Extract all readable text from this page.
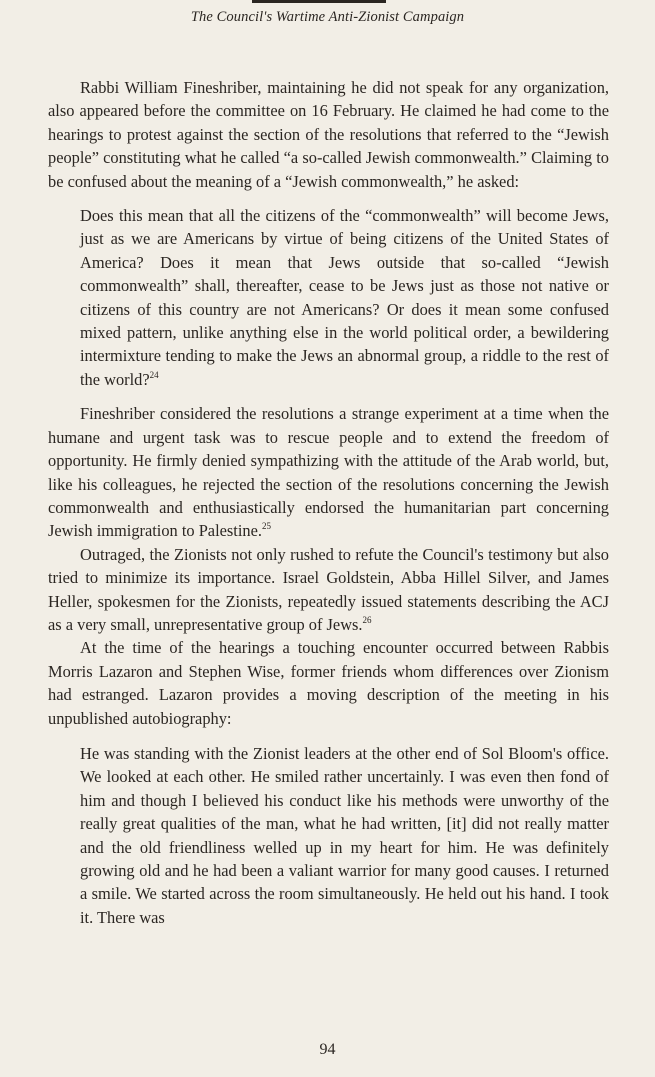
The Council's Wartime Anti-Zionist Campaign

Rabbi William Fineshriber, maintaining he did not speak for any organization, also appeared before the committee on 16 February. He claimed he had come to the hearings to protest against the section of the resolutions that referred to the “Jewish people” constituting what he called “a so-called Jewish commonwealth.” Claiming to be confused about the meaning of a “Jewish commonwealth,” he asked:

Does this mean that all the citizens of the “commonwealth” will become Jews, just as we are Americans by virtue of being citizens of the United States of America? Does it mean that Jews outside that so-called “Jewish commonwealth” shall, thereafter, cease to be Jews just as those not native or citizens of this country are not Americans? Or does it mean some confused mixed pattern, unlike anything else in the world political order, a bewildering intermixture tending to make the Jews an abnormal group, a riddle to the rest of the world?$^{24}$

Fineshriber considered the resolutions a strange experiment at a time when the humane and urgent task was to rescue people and to extend the freedom of opportunity. He firmly denied sympathizing with the attitude of the Arab world, but, like his colleagues, he rejected the section of the resolutions concerning the Jewish commonwealth and enthusiastically endorsed the humanitarian part concerning Jewish immigration to Palestine.$^{25}$

Outraged, the Zionists not only rushed to refute the Council's testimony but also tried to minimize its importance. Israel Goldstein, Abba Hillel Silver, and James Heller, spokesmen for the Zionists, repeatedly issued statements describing the ACJ as a very small, unrepresentative group of Jews.$^{26}$

At the time of the hearings a touching encounter occurred between Rabbis Morris Lazaron and Stephen Wise, former friends whom differences over Zionism had estranged. Lazaron provides a moving description of the meeting in his unpublished autobiography:

He was standing with the Zionist leaders at the other end of Sol Bloom's office. We looked at each other. He smiled rather uncertainly. I was even then fond of him and though I believed his conduct like his methods were unworthy of the really great qualities of the man, what he had written, [it] did not really matter and the old friendliness welled up in my heart for him. He was definitely growing old and he had been a valiant warrior for many good causes. I returned a smile. We started across the room simultaneously. He held out his hand. I took it. There was

94
